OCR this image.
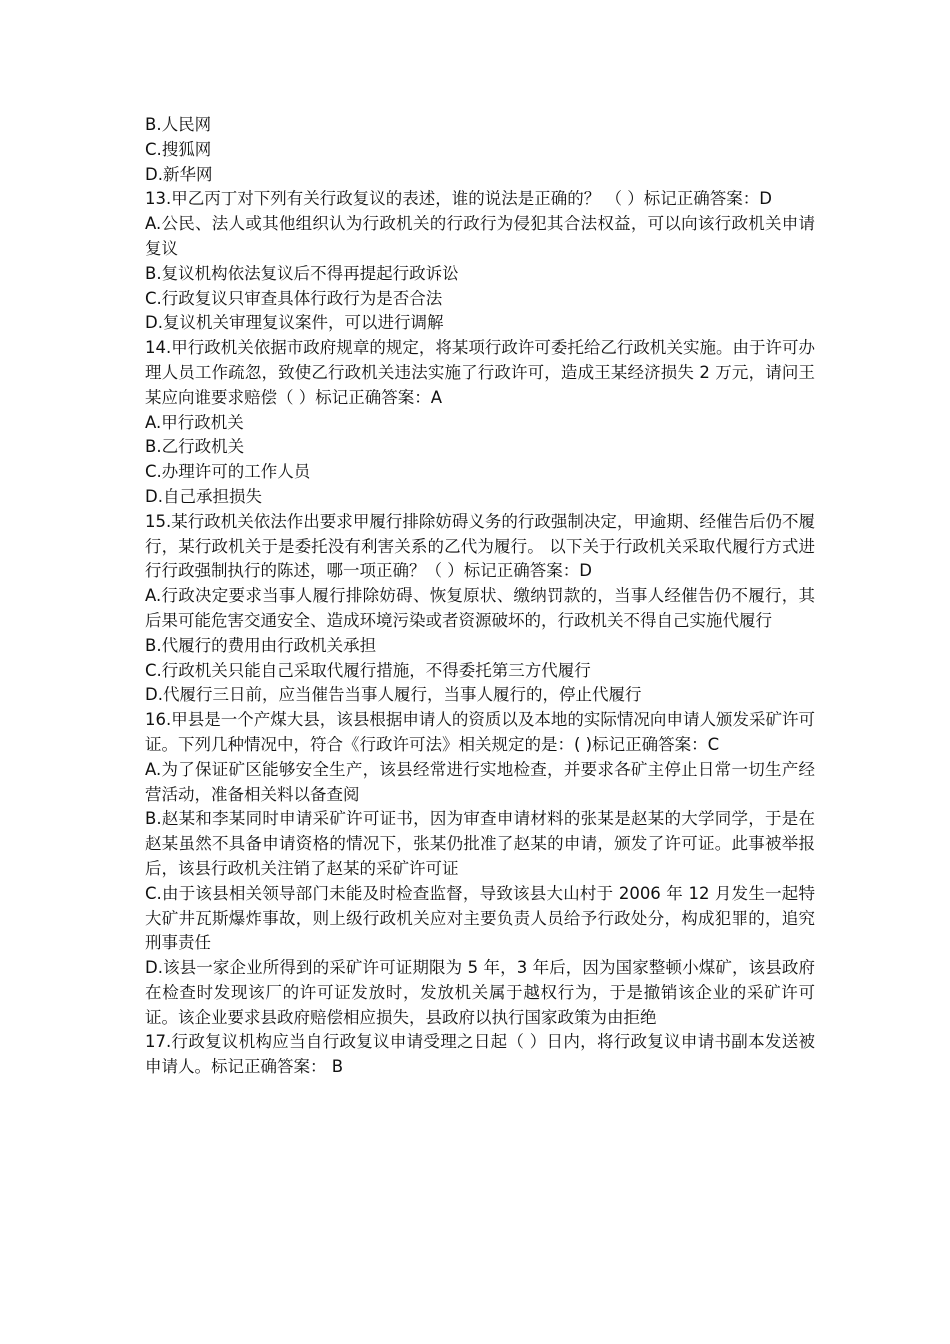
B.人民网
C.搜狐网
D.新华网
13.甲乙丙丁对下列有关行政复议的表述，谁的说法是正确的？ （ ）标记正确答案：D
A.公民、法人或其他组织认为行政机关的行政行为侵犯其合法权益，可以向该行政机关申请复议
B.复议机构依法复议后不得再提起行政诉讼
C.行政复议只审查具体行政行为是否合法
D.复议机关审理复议案件，可以进行调解
14.甲行政机关依据市政府规章的规定，将某项行政许可委托给乙行政机关实施。由于许可办理人员工作疏忽，致使乙行政机关违法实施了行政许可，造成王某经济损失 2 万元，请问王某应向谁要求赔偿（ ）标记正确答案：A
A.甲行政机关
B.乙行政机关
C.办理许可的工作人员
D.自己承担损失
15.某行政机关依法作出要求甲履行排除妨碍义务的行政强制决定，甲逾期、经催告后仍不履行，某行政机关于是委托没有利害关系的乙代为履行。 以下关于行政机关采取代履行方式进行行政强制执行的陈述，哪一项正确？（ ）标记正确答案：D
A.行政决定要求当事人履行排除妨碍、恢复原状、缴纳罚款的，当事人经催告仍不履行，其后果可能危害交通安全、造成环境污染或者资源破坏的，行政机关不得自己实施代履行
B.代履行的费用由行政机关承担
C.行政机关只能自己采取代履行措施，不得委托第三方代履行
D.代履行三日前，应当催告当事人履行，当事人履行的，停止代履行
16.甲县是一个产煤大县，该县根据申请人的资质以及本地的实际情况向申请人颁发采矿许可证。下列几种情况中，符合《行政许可法》相关规定的是：( )标记正确答案：C
A.为了保证矿区能够安全生产，该县经常进行实地检查，并要求各矿主停止日常一切生产经营活动，准备相关料以备查阅
B.赵某和李某同时申请采矿许可证书，因为审查申请材料的张某是赵某的大学同学，于是在赵某虽然不具备申请资格的情况下，张某仍批准了赵某的申请，颁发了许可证。此事被举报后，该县行政机关注销了赵某的采矿许可证
C.由于该县相关领导部门未能及时检查监督，导致该县大山村于 2006 年 12 月发生一起特大矿井瓦斯爆炸事故，则上级行政机关应对主要负责人员给予行政处分，构成犯罪的，追究刑事责任
D.该县一家企业所得到的采矿许可证期限为 5 年，3 年后，因为国家整顿小煤矿，该县政府在检查时发现该厂的许可证发放时，发放机关属于越权行为，于是撤销该企业的采矿许可证。该企业要求县政府赔偿相应损失，县政府以执行国家政策为由拒绝
17.行政复议机构应当自行政复议申请受理之日起（ ）日内，将行政复议申请书副本发送被申请人。标记正确答案： B
